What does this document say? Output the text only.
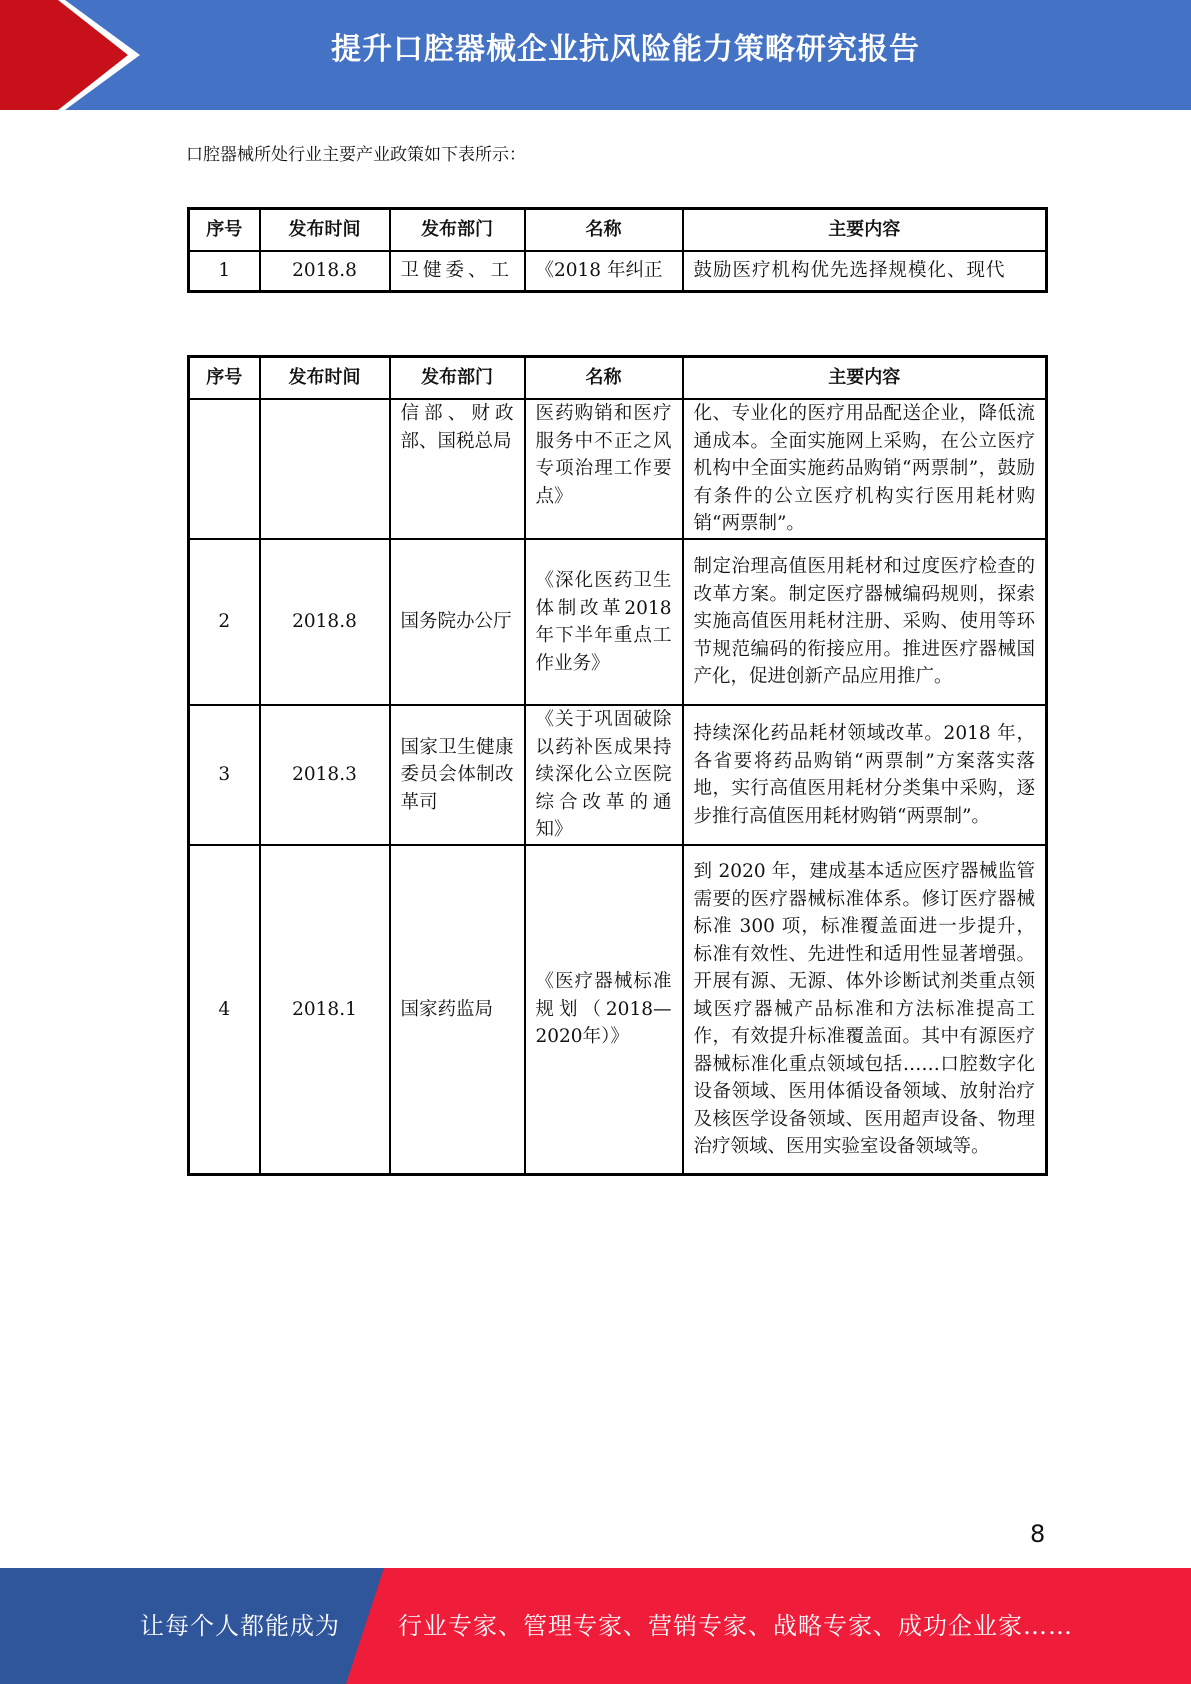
提升口腔器械企业抗风险能力策略研究报告
口腔器械所处行业主要产业政策如下表所示：
序号	发布时间	发布部门	名称	主要内容
1	2018.8	卫健委、工	《2018 年纠正	鼓励医疗机构优先选择规模化、现代
序号	发布时间	发布部门	名称	主要内容
		信部、财政部、国税总局	医药购销和医疗服务中不正之风专项治理工作要点》	化、专业化的医疗用品配送企业，降低流通成本。全面实施网上采购，在公立医疗机构中全面实施药品购销“两票制”，鼓励有条件的公立医疗机构实行医用耗材购销“两票制”。
2	2018.8	国务院办公厅	《深化医药卫生体制改革2018 年下半年重点工作业务》	制定治理高值医用耗材和过度医疗检查的改革方案。制定医疗器械编码规则，探索实施高值医用耗材注册、采购、使用等环节规范编码的衔接应用。推进医疗器械国产化，促进创新产品应用推广。
3	2018.3	国家卫生健康委员会体制改革司	《关于巩固破除以药补医成果持续深化公立医院综合改革的通知》	持续深化药品耗材领域改革。2018 年，各省要将药品购销“两票制”方案落实落地，实行高值医用耗材分类集中采购，逐步推行高值医用耗材购销“两票制”。
4	2018.1	国家药监局	《医疗器械标准规划（2018—2020年）》	到 2020 年，建成基本适应医疗器械监管需要的医疗器械标准体系。修订医疗器械标准 300 项，标准覆盖面进一步提升，标准有效性、先进性和适用性显著增强。开展有源、无源、体外诊断试剂类重点领域医疗器械产品标准和方法标准提高工作，有效提升标准覆盖面。其中有源医疗器械标准化重点领域包括……口腔数字化设备领域、医用体循设备领域、放射治疗及核医学设备领域、医用超声设备、物理治疗领域、医用实验室设备领域等。
8
让每个人都能成为 行业专家、管理专家、营销专家、战略专家、成功企业家……
